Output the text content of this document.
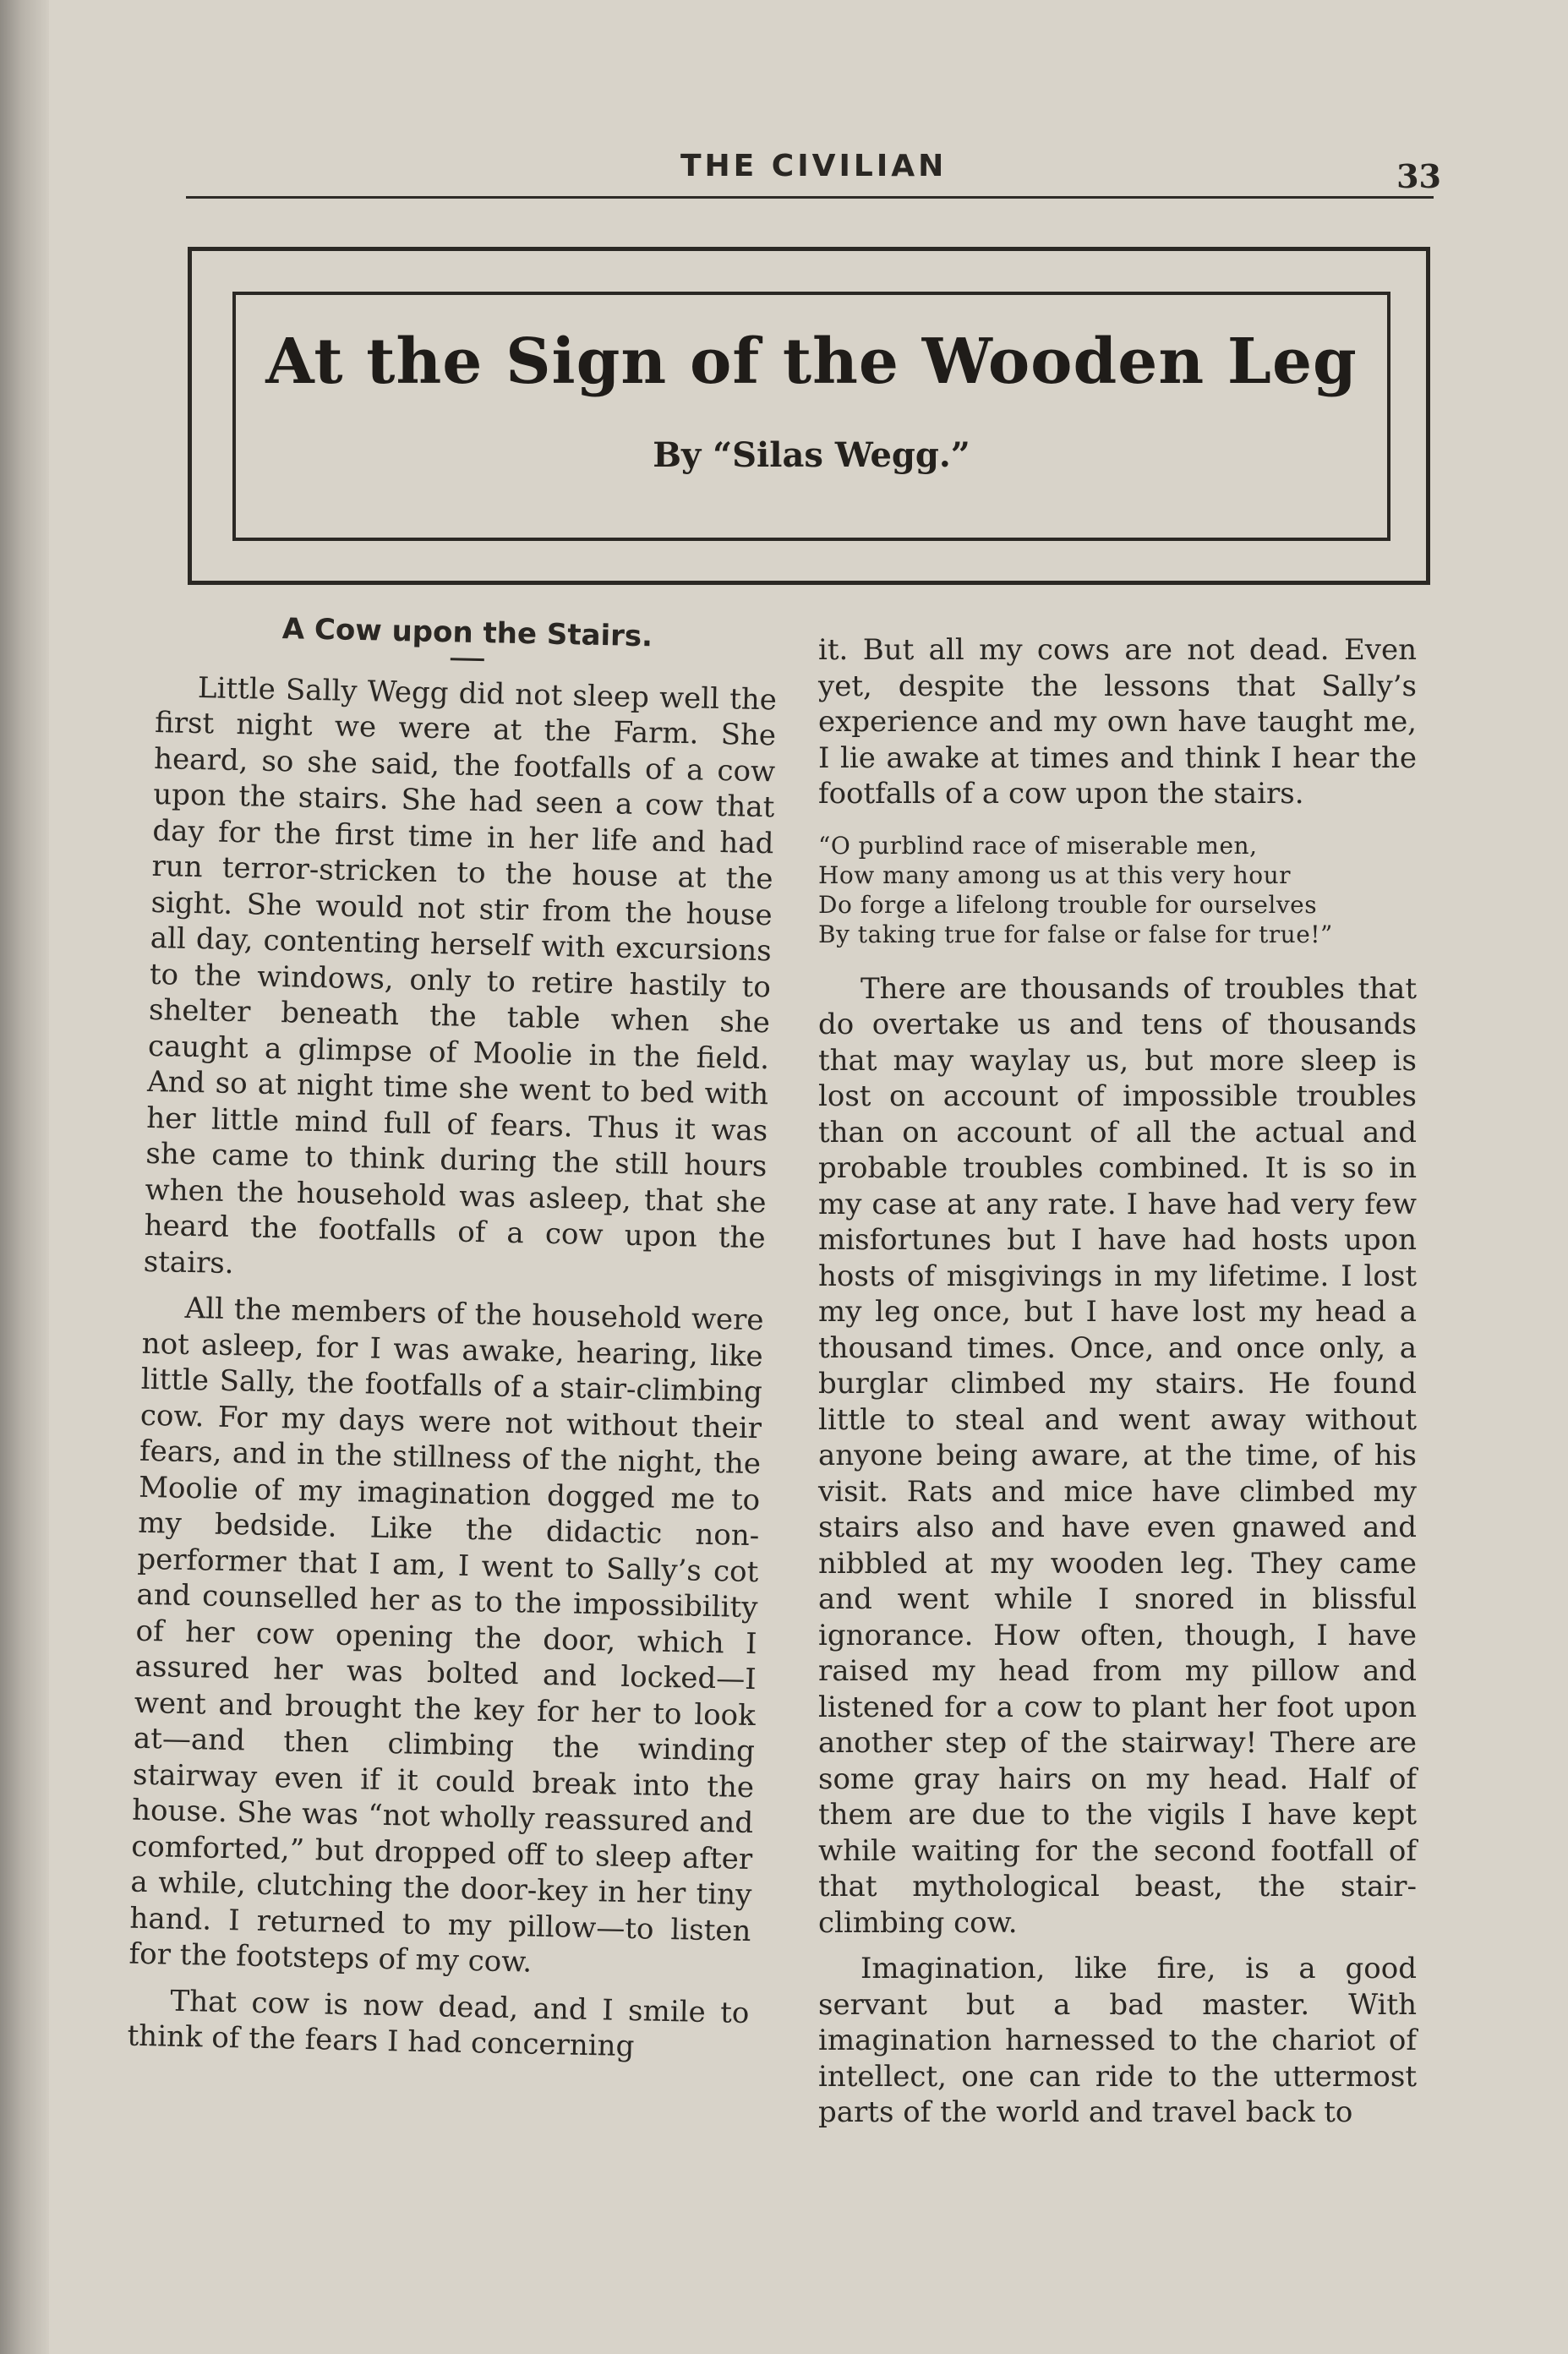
THE CIVILIAN	33
At the Sign of the Wooden Leg
By “Silas Wegg.”
A Cow upon the Stairs.

Little Sally Wegg did not sleep well the first night we were at the Farm. She heard, so she said, the footfalls of a cow upon the stairs. She had seen a cow that day for the first time in her life and had run terror-stricken to the house at the sight. She would not stir from the house all day, contenting herself with excursions to the windows, only to retire hastily to shelter beneath the table when she caught a glimpse of Moolie in the field. And so at night time she went to bed with her little mind full of fears. Thus it was she came to think during the still hours when the household was asleep, that she heard the footfalls of a cow upon the stairs.

All the members of the household were not asleep, for I was awake, hearing, like little Sally, the footfalls of a stair-climbing cow. For my days were not without their fears, and in the stillness of the night, the Moolie of my imagination dogged me to my bedside. Like the didactic non-performer that I am, I went to Sally’s cot and counselled her as to the impossibility of her cow opening the door, which I assured her was bolted and locked—I went and brought the key for her to look at—and then climbing the winding stairway even if it could break into the house. She was “not wholly reassured and comforted,” but dropped off to sleep after a while, clutching the door-key in her tiny hand. I returned to my pillow—to listen for the footsteps of my cow.

That cow is now dead, and I smile to think of the fears I had concerning

it. But all my cows are not dead. Even yet, despite the lessons that Sally’s experience and my own have taught me, I lie awake at times and think I hear the footfalls of a cow upon the stairs.

“O purblind race of miserable men,
How many among us at this very hour
Do forge a lifelong trouble for ourselves
By taking true for false or false for true!”

There are thousands of troubles that do overtake us and tens of thousands that may waylay us, but more sleep is lost on account of impossible troubles than on account of all the actual and probable troubles combined. It is so in my case at any rate. I have had very few misfortunes but I have had hosts upon hosts of misgivings in my lifetime. I lost my leg once, but I have lost my head a thousand times. Once, and once only, a burglar climbed my stairs. He found little to steal and went away without anyone being aware, at the time, of his visit. Rats and mice have climbed my stairs also and have even gnawed and nibbled at my wooden leg. They came and went while I snored in blissful ignorance. How often, though, I have raised my head from my pillow and listened for a cow to plant her foot upon another step of the stairway! There are some gray hairs on my head. Half of them are due to the vigils I have kept while waiting for the second footfall of that mythological beast, the stair-climbing cow.

Imagination, like fire, is a good servant but a bad master. With imagination harnessed to the chariot of intellect, one can ride to the uttermost parts of the world and travel back to
